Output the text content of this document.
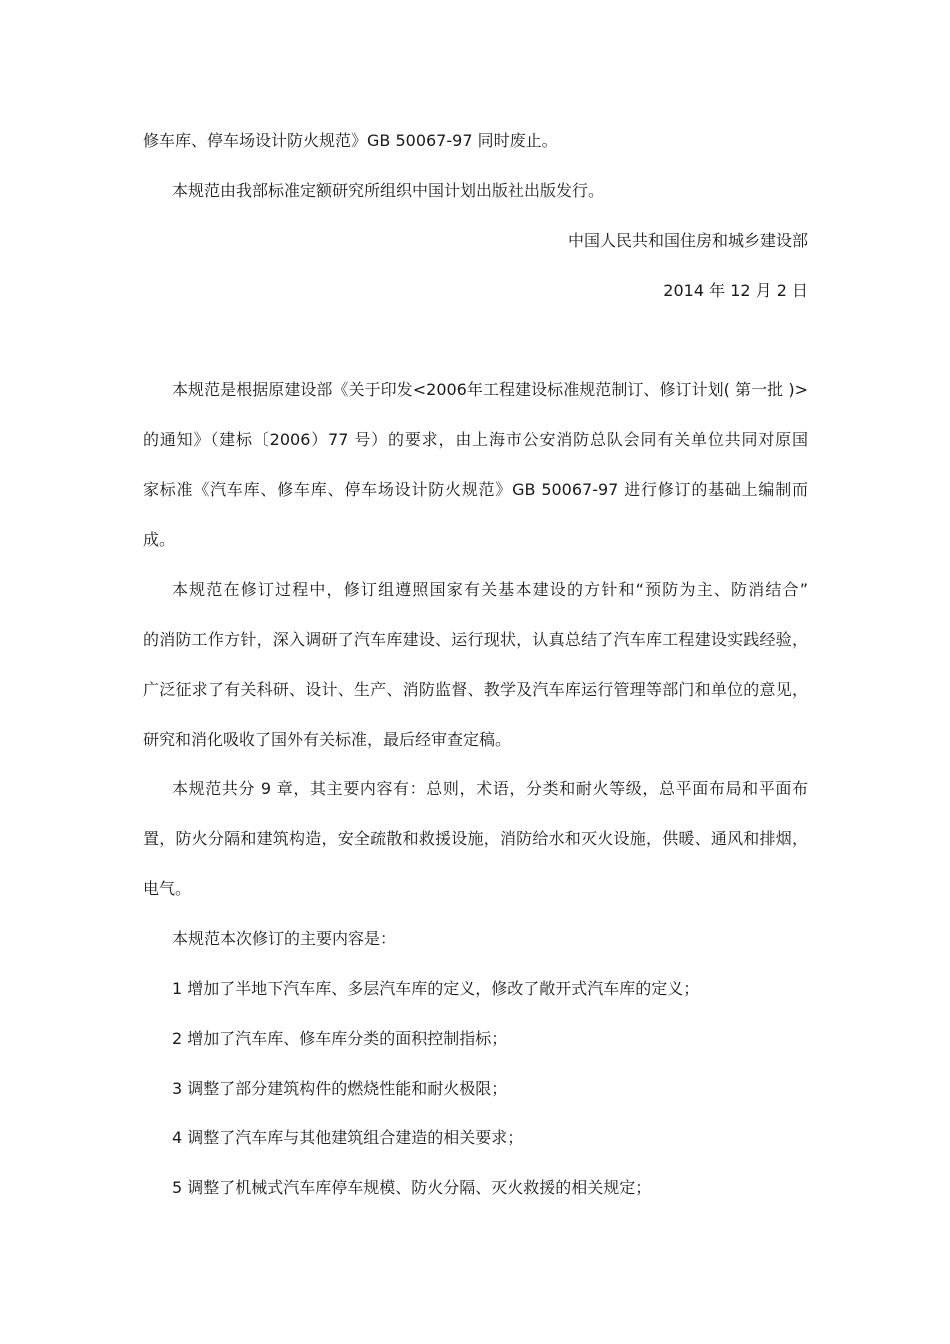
修车库、停车场设计防火规范》GB 50067-97 同时废止。
本规范由我部标准定额研究所组织中国计划出版社出版发行。
中国人民共和国住房和城乡建设部
2014 年 12 月 2 日
本规范是根据原建设部《关于印发<2006年工程建设标准规范制订、修订计划( 第一批 )>
的通知》（建标〔2006）77 号）的要求，由上海市公安消防总队会同有关单位共同对原国
家标准《汽车库、修车库、停车场设计防火规范》GB 50067-97 进行修订的基础上编制而
成。
本规范在修订过程中，修订组遵照国家有关基本建设的方针和“预防为主、防消结合”
的消防工作方针，深入调研了汽车库建设、运行现状，认真总结了汽车库工程建设实践经验，
广泛征求了有关科研、设计、生产、消防监督、教学及汽车库运行管理等部门和单位的意见，
研究和消化吸收了国外有关标准，最后经审查定稿。
本规范共分 9 章，其主要内容有：总则，术语，分类和耐火等级，总平面布局和平面布
置，防火分隔和建筑构造，安全疏散和救援设施，消防给水和灭火设施，供暖、通风和排烟，
电气。
本规范本次修订的主要内容是：
1 增加了半地下汽车库、多层汽车库的定义，修改了敞开式汽车库的定义；
2 增加了汽车库、修车库分类的面积控制指标；
3 调整了部分建筑构件的燃烧性能和耐火极限；
4 调整了汽车库与其他建筑组合建造的相关要求；
5 调整了机械式汽车库停车规模、防火分隔、灭火救援的相关规定；
